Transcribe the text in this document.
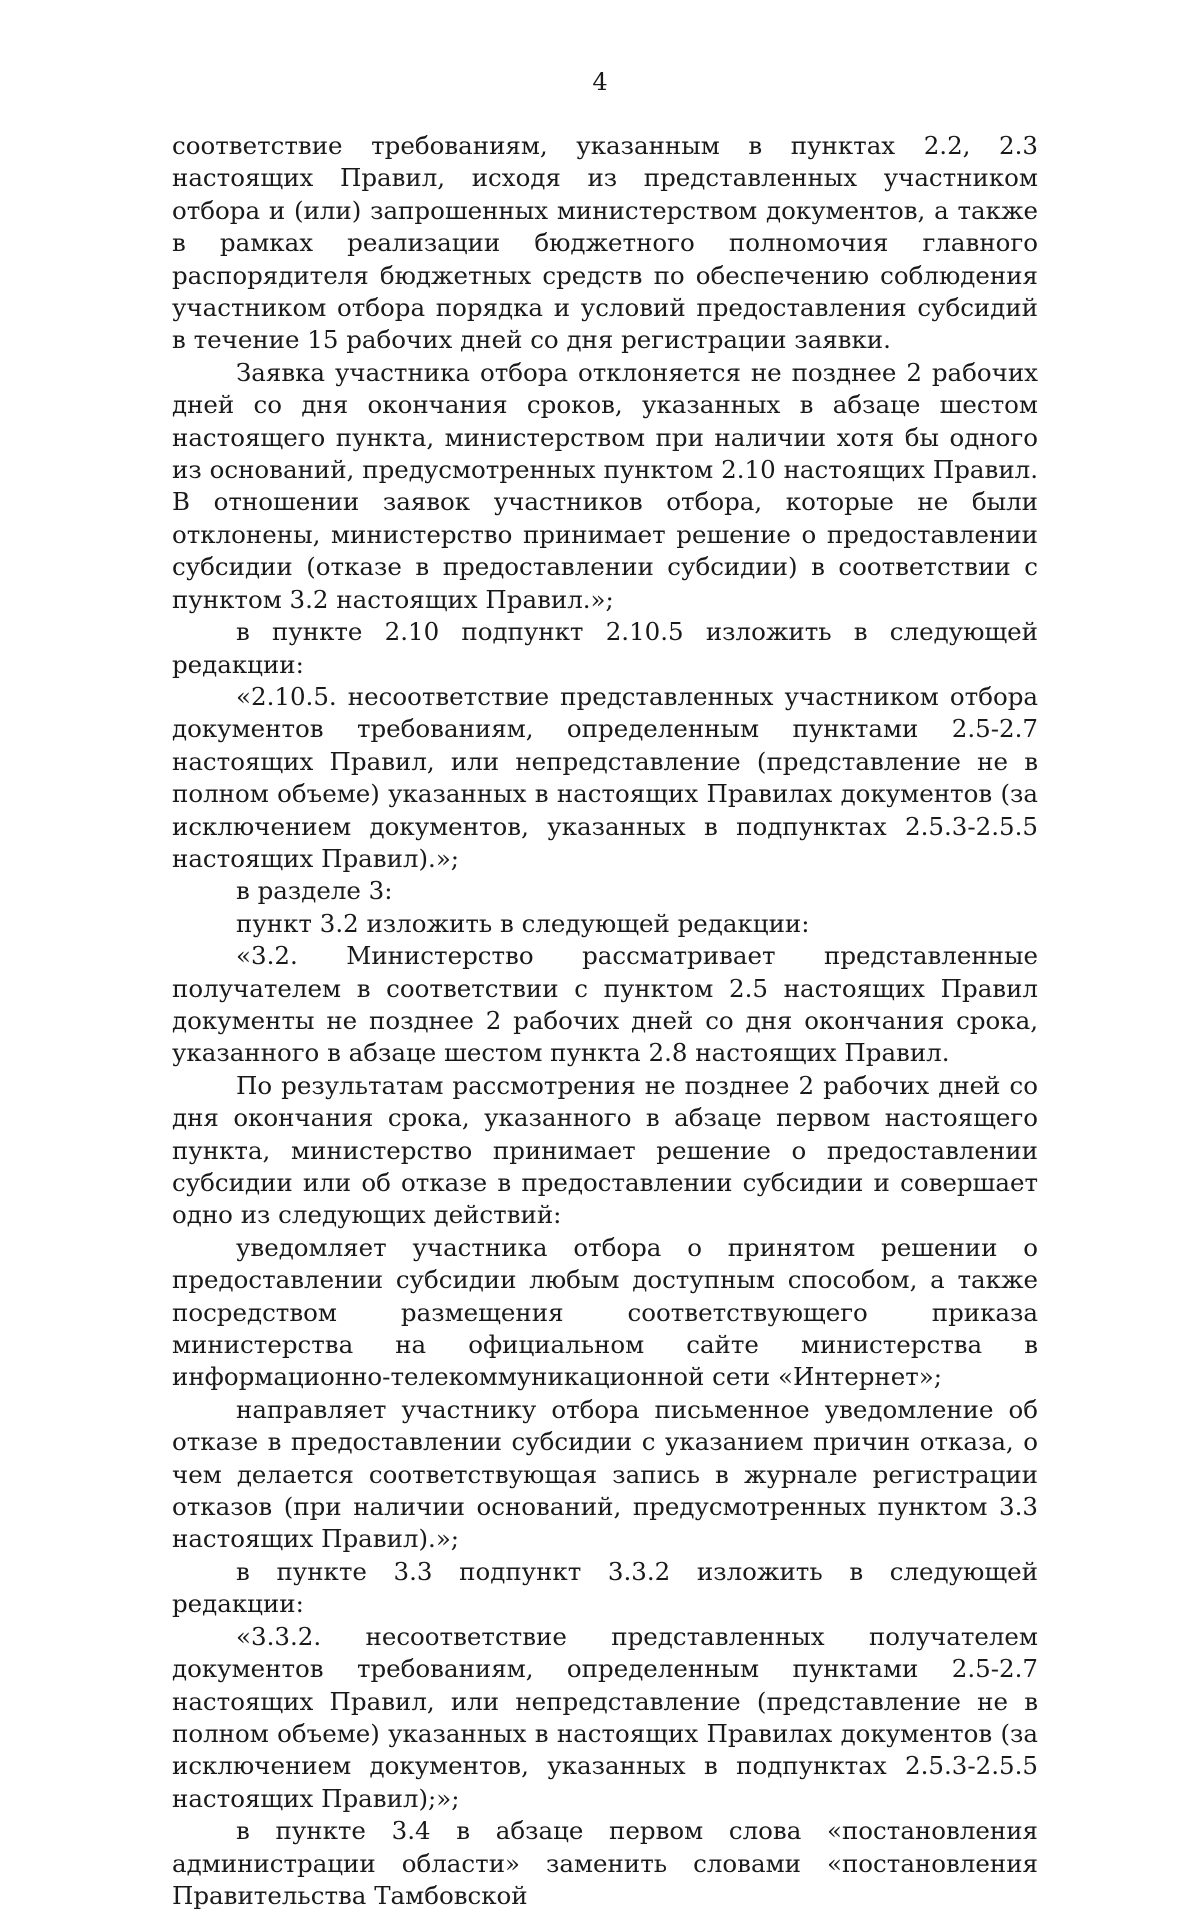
4

соответствие требованиям, указанным в пунктах 2.2, 2.3 настоящих Правил, исходя из представленных участником отбора и (или) запрошенных министерством документов, а также в рамках реализации бюджетного полномочия главного распорядителя бюджетных средств по обеспечению соблюдения участником отбора порядка и условий предоставления субсидий в течение 15 рабочих дней со дня регистрации заявки.

Заявка участника отбора отклоняется не позднее 2 рабочих дней со дня окончания сроков, указанных в абзаце шестом настоящего пункта, министерством при наличии хотя бы одного из оснований, предусмотренных пунктом 2.10 настоящих Правил. В отношении заявок участников отбора, которые не были отклонены, министерство принимает решение о предоставлении субсидии (отказе в предоставлении субсидии) в соответствии с пунктом 3.2 настоящих Правил.»;

в пункте 2.10 подпункт 2.10.5 изложить в следующей редакции:

«2.10.5. несоответствие представленных участником отбора документов требованиям, определенным пунктами 2.5-2.7 настоящих Правил, или непредставление (представление не в полном объеме) указанных в настоящих Правилах документов (за исключением документов, указанных в подпунктах 2.5.3-2.5.5 настоящих Правил).»;

в разделе 3:

пункт 3.2 изложить в следующей редакции:

«3.2. Министерство рассматривает представленные получателем в соответствии с пунктом 2.5 настоящих Правил документы не позднее 2 рабочих дней со дня окончания срока, указанного в абзаце шестом пункта 2.8 настоящих Правил.

По результатам рассмотрения не позднее 2 рабочих дней со дня окончания срока, указанного в абзаце первом настоящего пункта, министерство принимает решение о предоставлении субсидии или об отказе в предоставлении субсидии и совершает одно из следующих действий:

уведомляет участника отбора о принятом решении о предоставлении субсидии любым доступным способом, а также посредством размещения соответствующего приказа министерства на официальном сайте министерства в информационно-телекоммуникационной сети «Интернет»;

направляет участнику отбора письменное уведомление об отказе в предоставлении субсидии с указанием причин отказа, о чем делается соответствующая запись в журнале регистрации отказов (при наличии оснований, предусмотренных пунктом 3.3 настоящих Правил).»;

в пункте 3.3 подпункт 3.3.2 изложить в следующей редакции:

«3.3.2. несоответствие представленных получателем документов требованиям, определенным пунктами 2.5-2.7 настоящих Правил, или непредставление (представление не в полном объеме) указанных в настоящих Правилах документов (за исключением документов, указанных в подпунктах 2.5.3-2.5.5 настоящих Правил);»;

в пункте 3.4 в абзаце первом слова «постановления администрации области» заменить словами «постановления Правительства Тамбовской
